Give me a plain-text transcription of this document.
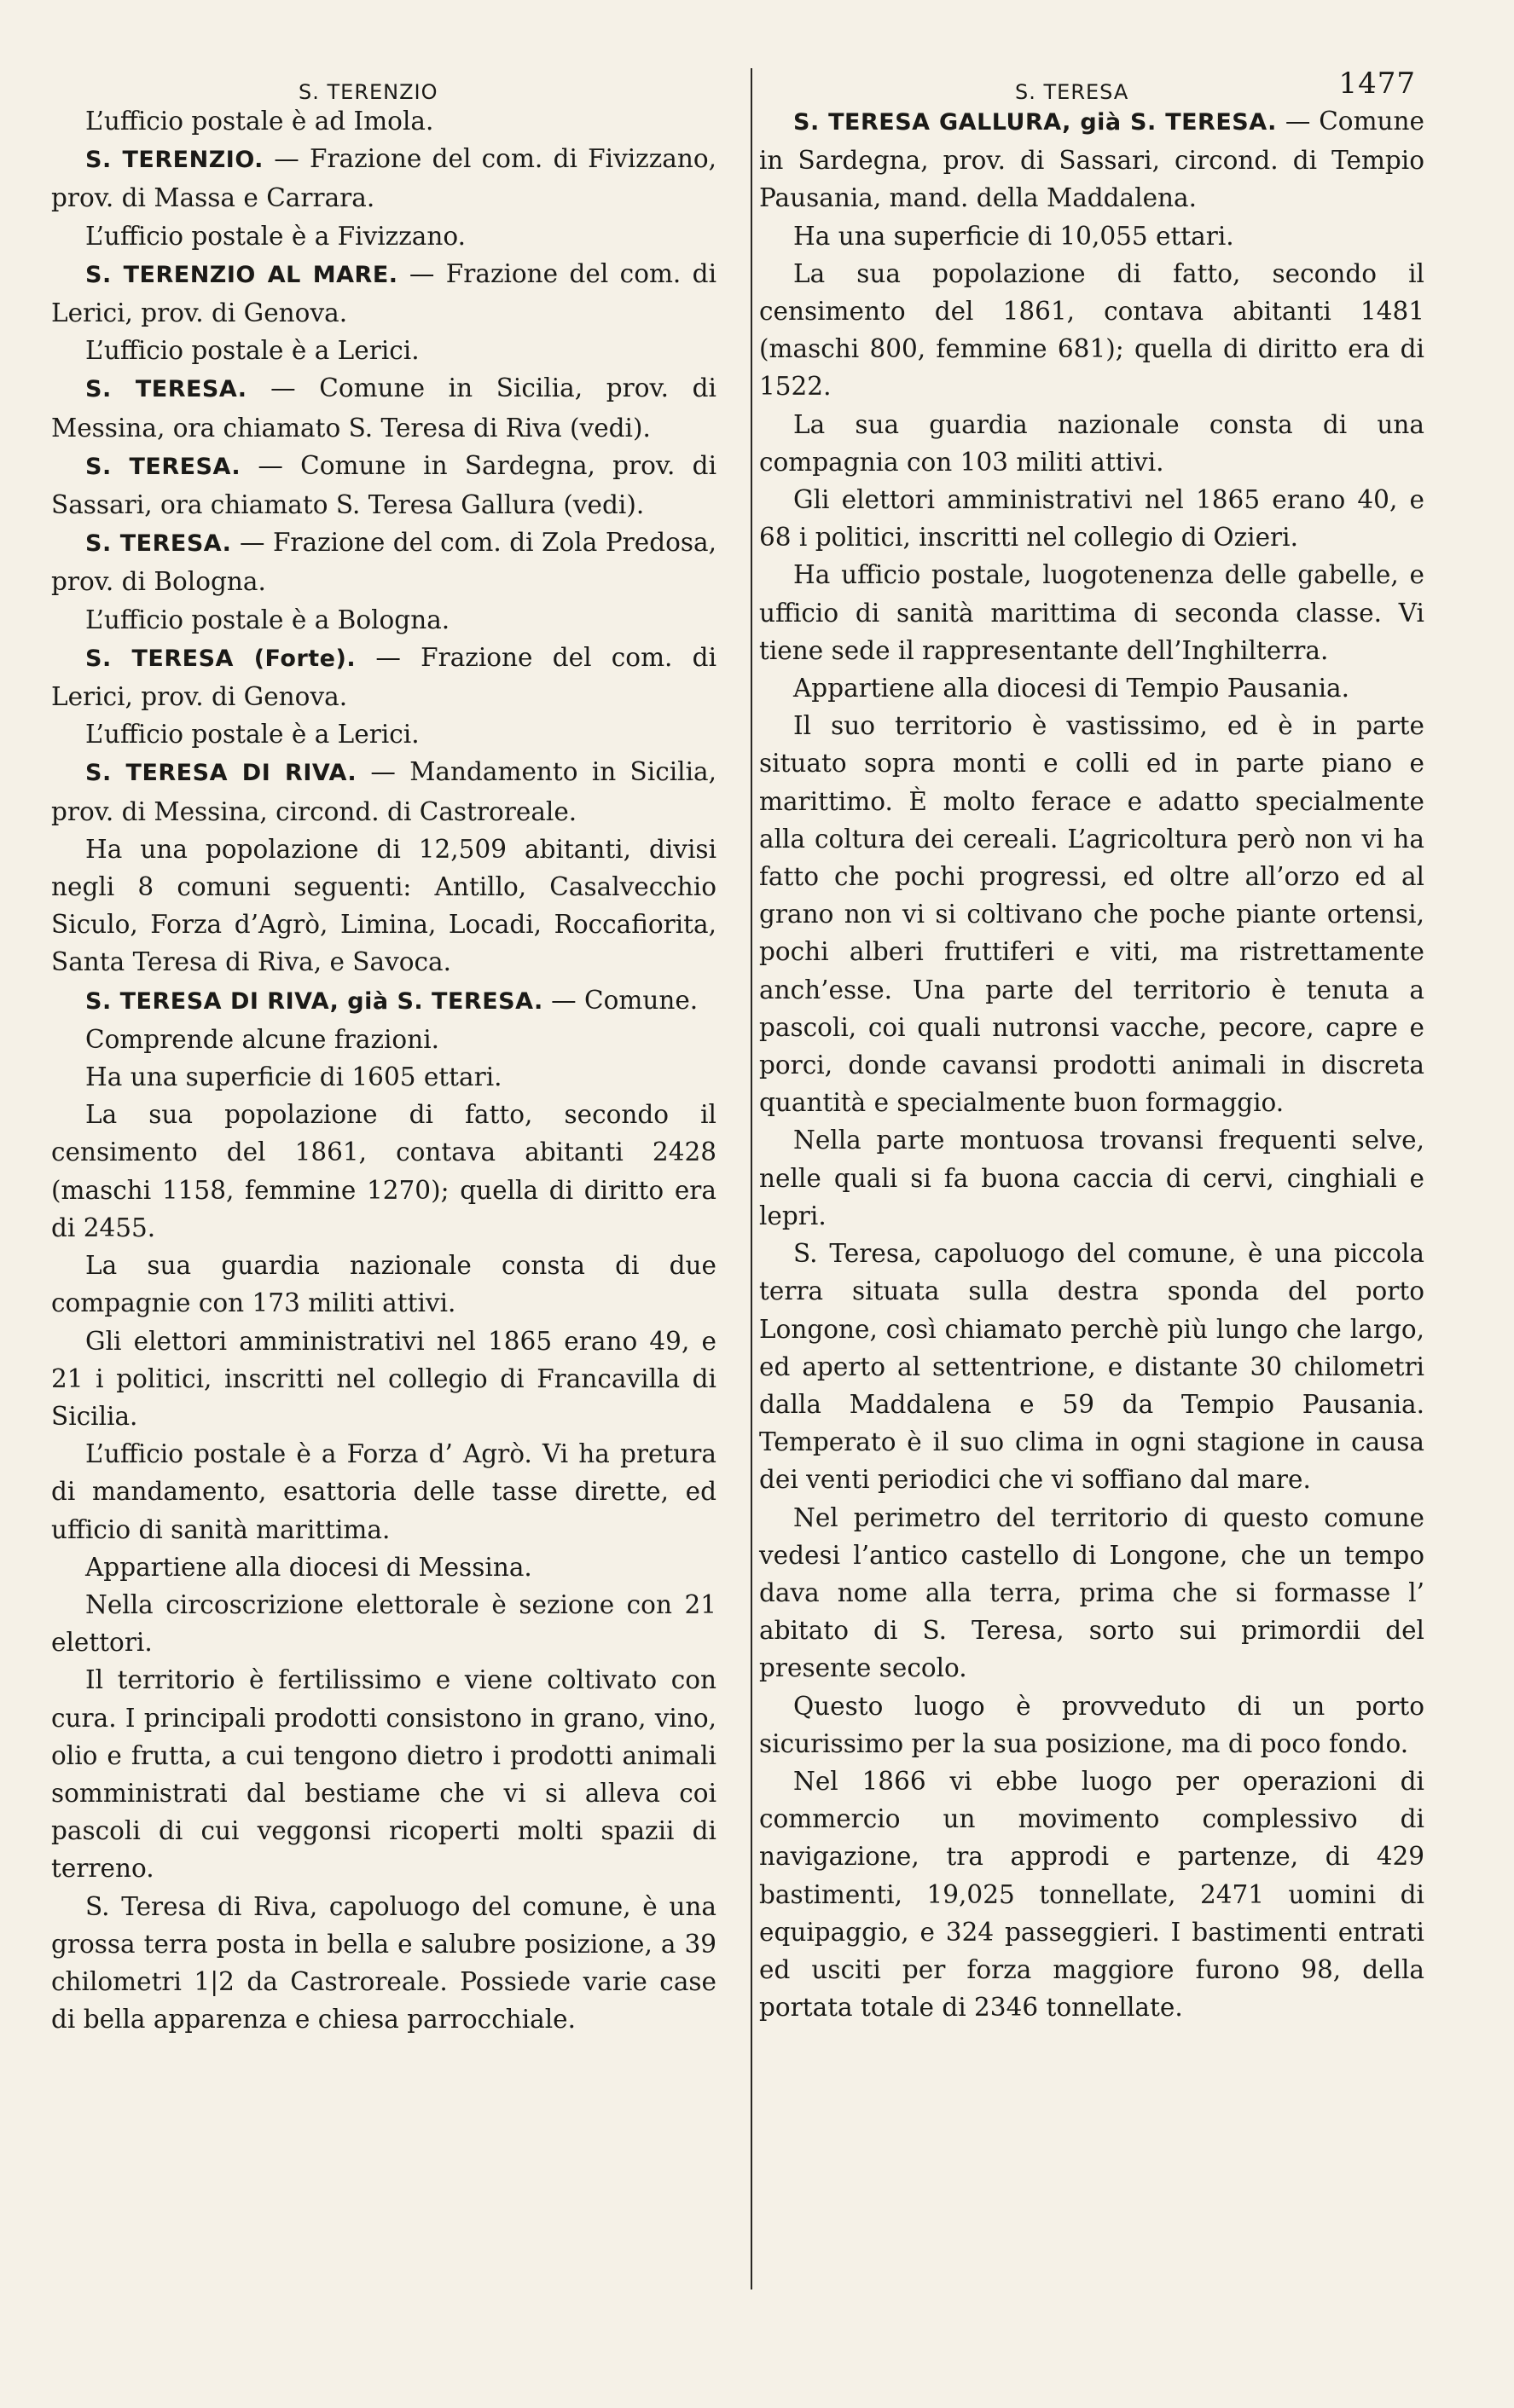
S. TERENZIO

L’ufficio postale è ad Imola.

S. TERENZIO. — Frazione del com. di Fivizzano, prov. di Massa e Carrara.

L’ufficio postale è a Fivizzano.

S. TERENZIO AL MARE. — Frazione del com. di Lerici, prov. di Genova.

L’ufficio postale è a Lerici.

S. TERESA. — Comune in Sicilia, prov. di Messina, ora chiamato S. Teresa di Riva (vedi).

S. TERESA. — Comune in Sardegna, prov. di Sassari, ora chiamato S. Teresa Gallura (vedi).

S. TERESA. — Frazione del com. di Zola Predosa, prov. di Bologna.

L’ufficio postale è a Bologna.

S. TERESA (Forte). — Frazione del com. di Lerici, prov. di Genova.

L’ufficio postale è a Lerici.

S. TERESA DI RIVA. — Mandamento in Sicilia, prov. di Messina, circond. di Castroreale.

Ha una popolazione di 12,509 abitanti, divisi negli 8 comuni seguenti: Antillo, Casalvecchio Siculo, Forza d’Agrò, Limina, Locadi, Roccafiorita, Santa Teresa di Riva, e Savoca.

S. TERESA DI RIVA, già S. TERESA. — Comune.

Comprende alcune frazioni.

Ha una superficie di 1605 ettari.

La sua popolazione di fatto, secondo il censimento del 1861, contava abitanti 2428 (maschi 1158, femmine 1270); quella di diritto era di 2455.

La sua guardia nazionale consta di due compagnie con 173 militi attivi.

Gli elettori amministrativi nel 1865 erano 49, e 21 i politici, inscritti nel collegio di Francavilla di Sicilia.

L’ufficio postale è a Forza d’ Agrò. Vi ha pretura di mandamento, esattoria delle tasse dirette, ed ufficio di sanità marittima.

Appartiene alla diocesi di Messina.

Nella circoscrizione elettorale è sezione con 21 elettori.

Il territorio è fertilissimo e viene coltivato con cura. I principali prodotti consistono in grano, vino, olio e frutta, a cui tengono dietro i prodotti animali somministrati dal bestiame che vi si alleva coi pascoli di cui veggonsi ricoperti molti spazii di terreno.

S. Teresa di Riva, capoluogo del comune, è una grossa terra posta in bella e salubre posizione, a 39 chilometri 1|2 da Castroreale. Possiede varie case di bella apparenza e chiesa parrocchiale.

S. TERESA	1477

S. TERESA GALLURA, già S. TERESA. — Comune in Sardegna, prov. di Sassari, circond. di Tempio Pausania, mand. della Maddalena.

Ha una superficie di 10,055 ettari.

La sua popolazione di fatto, secondo il censimento del 1861, contava abitanti 1481 (maschi 800, femmine 681); quella di diritto era di 1522.

La sua guardia nazionale consta di una compagnia con 103 militi attivi.

Gli elettori amministrativi nel 1865 erano 40, e 68 i politici, inscritti nel collegio di Ozieri.

Ha ufficio postale, luogotenenza delle gabelle, e ufficio di sanità marittima di seconda classe. Vi tiene sede il rappresentante dell’Inghilterra.

Appartiene alla diocesi di Tempio Pausania.

Il suo territorio è vastissimo, ed è in parte situato sopra monti e colli ed in parte piano e marittimo. È molto ferace e adatto specialmente alla coltura dei cereali. L’agricoltura però non vi ha fatto che pochi progressi, ed oltre all’orzo ed al grano non vi si coltivano che poche piante ortensi, pochi alberi fruttiferi e viti, ma ristrettamente anch’esse. Una parte del territorio è tenuta a pascoli, coi quali nutronsi vacche, pecore, capre e porci, donde cavansi prodotti animali in discreta quantità e specialmente buon formaggio.

Nella parte montuosa trovansi frequenti selve, nelle quali si fa buona caccia di cervi, cinghiali e lepri.

S. Teresa, capoluogo del comune, è una piccola terra situata sulla destra sponda del porto Longone, così chiamato perchè più lungo che largo, ed aperto al settentrione, e distante 30 chilometri dalla Maddalena e 59 da Tempio Pausania. Temperato è il suo clima in ogni stagione in causa dei venti periodici che vi soffiano dal mare.

Nel perimetro del territorio di questo comune vedesi l’antico castello di Longone, che un tempo dava nome alla terra, prima che si formasse l’ abitato di S. Teresa, sorto sui primordii del presente secolo.

Questo luogo è provveduto di un porto sicurissimo per la sua posizione, ma di poco fondo.

Nel 1866 vi ebbe luogo per operazioni di commercio un movimento complessivo di navigazione, tra approdi e partenze, di 429 bastimenti, 19,025 tonnellate, 2471 uomini di equipaggio, e 324 passeggieri. I bastimenti entrati ed usciti per forza maggiore furono 98, della portata totale di 2346 tonnellate.
